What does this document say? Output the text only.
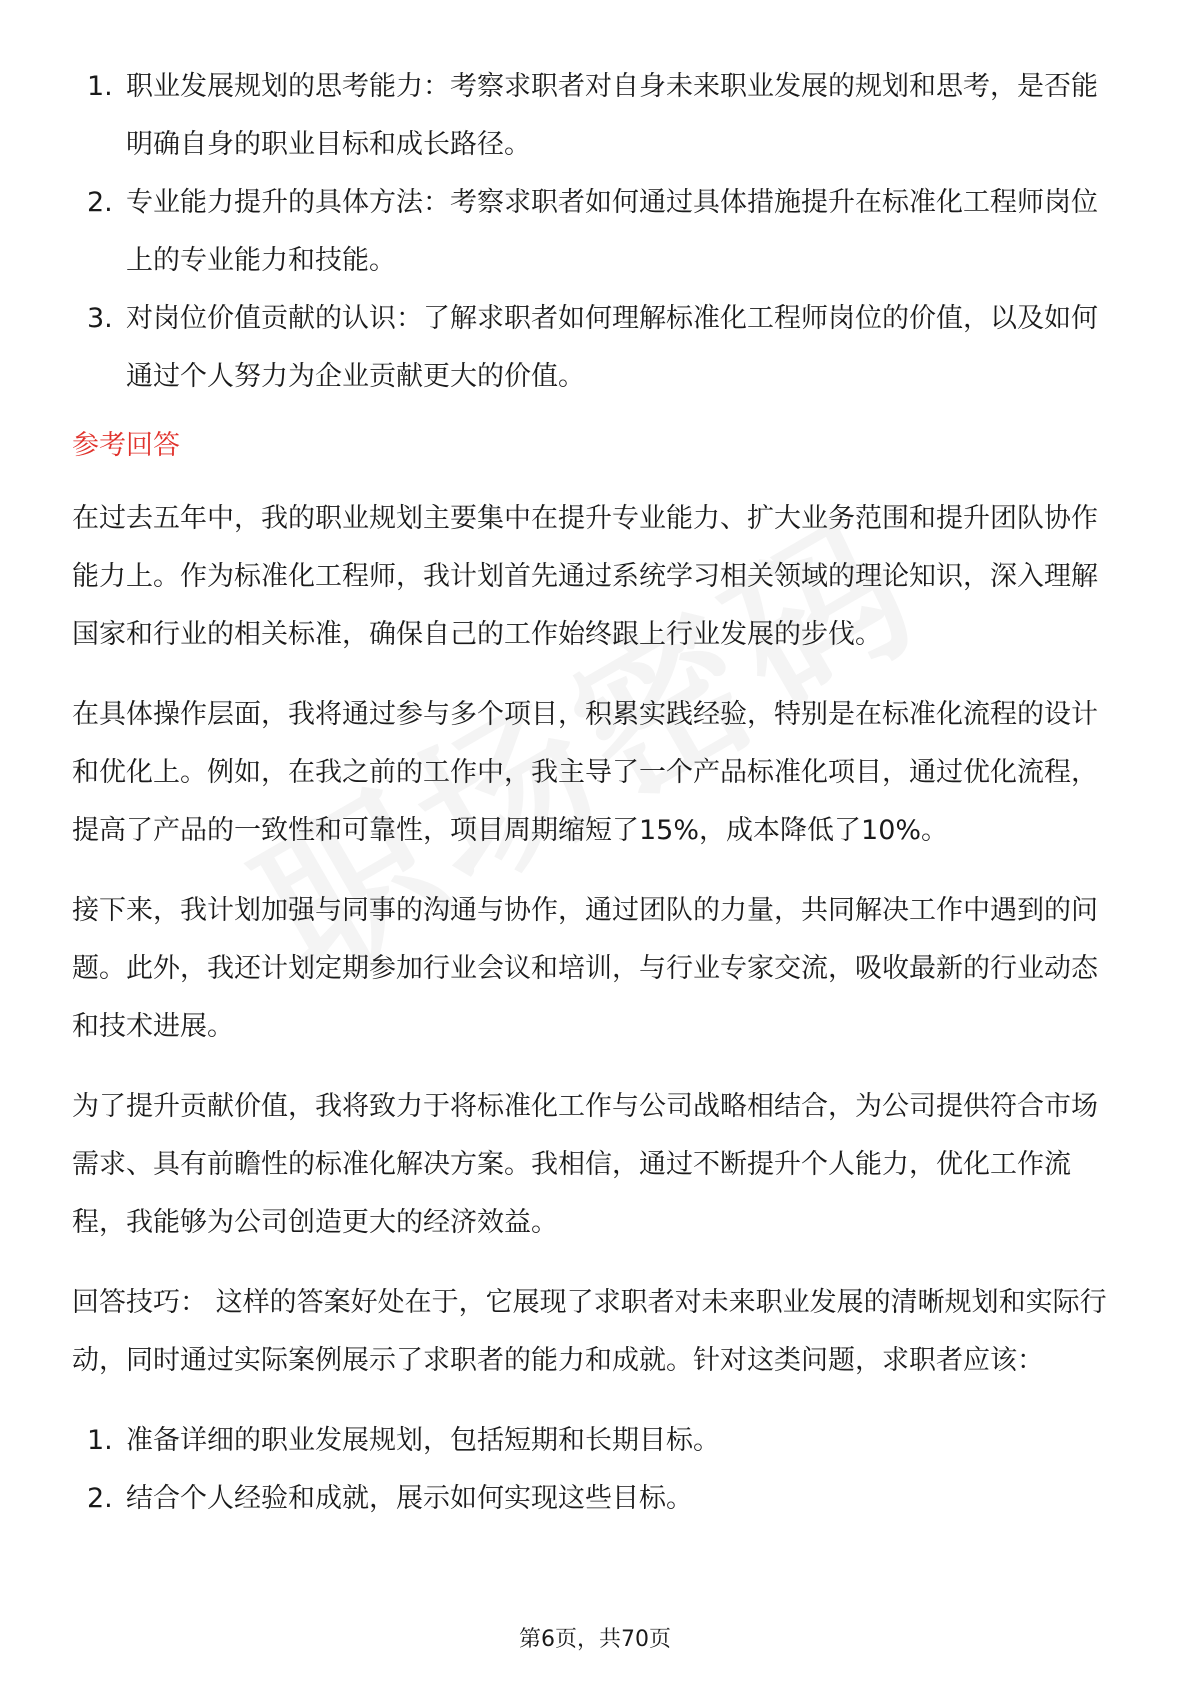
1. 职业发展规划的思考能力：考察求职者对自身未来职业发展的规划和思考，是否能明确自身的职业目标和成长路径。
2. 专业能力提升的具体方法：考察求职者如何通过具体措施提升在标准化工程师岗位上的专业能力和技能。
3. 对岗位价值贡献的认识：了解求职者如何理解标准化工程师岗位的价值，以及如何通过个人努力为企业贡献更大的价值。
参考回答

在过去五年中，我的职业规划主要集中在提升专业能力、扩大业务范围和提升团队协作能力上。作为标准化工程师，我计划首先通过系统学习相关领域的理论知识，深入理解国家和行业的相关标准，确保自己的工作始终跟上行业发展的步伐。

在具体操作层面，我将通过参与多个项目，积累实践经验，特别是在标准化流程的设计和优化上。例如，在我之前的工作中，我主导了一个产品标准化项目，通过优化流程，提高了产品的一致性和可靠性，项目周期缩短了15%，成本降低了10%。

接下来，我计划加强与同事的沟通与协作，通过团队的力量，共同解决工作中遇到的问题。此外，我还计划定期参加行业会议和培训，与行业专家交流，吸收最新的行业动态和技术进展。

为了提升贡献价值，我将致力于将标准化工作与公司战略相结合，为公司提供符合市场需求、具有前瞻性的标准化解决方案。我相信，通过不断提升个人能力，优化工作流程，我能够为公司创造更大的经济效益。

回答技巧： 这样的答案好处在于，它展现了求职者对未来职业发展的清晰规划和实际行动，同时通过实际案例展示了求职者的能力和成就。针对这类问题，求职者应该：

1. 准备详细的职业发展规划，包括短期和长期目标。
2. 结合个人经验和成就，展示如何实现这些目标。
第6页，共70页
